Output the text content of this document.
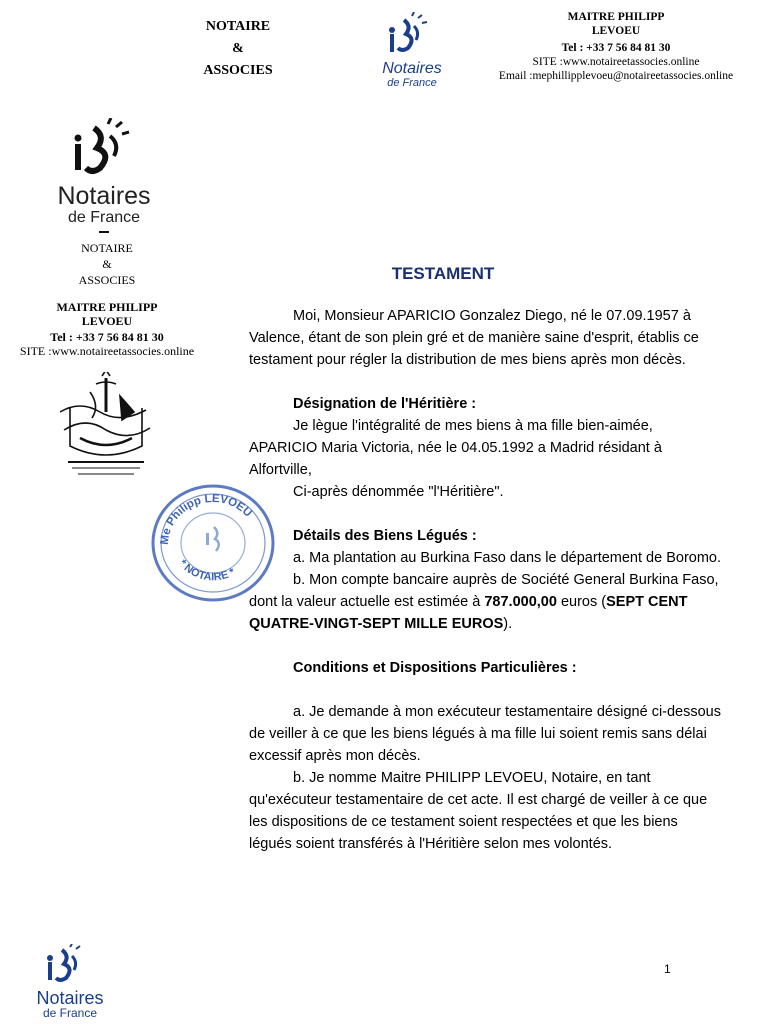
NOTAIRE
&
ASSOCIES	Notaires
de France
MAITRE PHILIPP
LEVOEU
Tel : +33 7 56 84 81 30
SITE :www.notaireetassocies.online
Email :mephillipplevoeu@notaireetassocies.online
Notaires
de France
NOTAIRE
&
ASSOCIES
MAITRE PHILIPP
LEVOEU
Tel : +33 7 56 84 81 30
SITE :www.notaireetassocies.online
Me Philipp LEVOEU
* NOTAIRE *
TESTAMENT

Moi, Monsieur APARICIO Gonzalez Diego, né le 07.09.1957 à Valence, étant de son plein gré et de manière saine d'esprit, établis ce testament pour régler la distribution de mes biens après mon décès.

Désignation de l'Héritière :

Je lègue l'intégralité de mes biens à ma fille bien-aimée, APARICIO Maria Victoria, née le 04.05.1992 a Madrid résidant à Alfortville,

Ci-après dénommée "l'Héritière".

Détails des Biens Légués :

a. Ma plantation au Burkina Faso dans le département de Boromo.

b. Mon compte bancaire auprès de Société General Burkina Faso, dont la valeur actuelle est estimée à 787.000,00 euros (SEPT CENT QUATRE-VINGT-SEPT MILLE EUROS).

Conditions et Dispositions Particulières :

a. Je demande à mon exécuteur testamentaire désigné ci-dessous de veiller à ce que les biens légués à ma fille lui soient remis sans délai excessif après mon décès.

b. Je nomme Maitre PHILIPP LEVOEU, Notaire, en tant qu'exécuteur testamentaire de cet acte. Il est chargé de veiller à ce que les dispositions de ce testament soient respectées et que les biens légués soient transférés à l'Héritière selon mes volontés.

Notaires
de France
1
